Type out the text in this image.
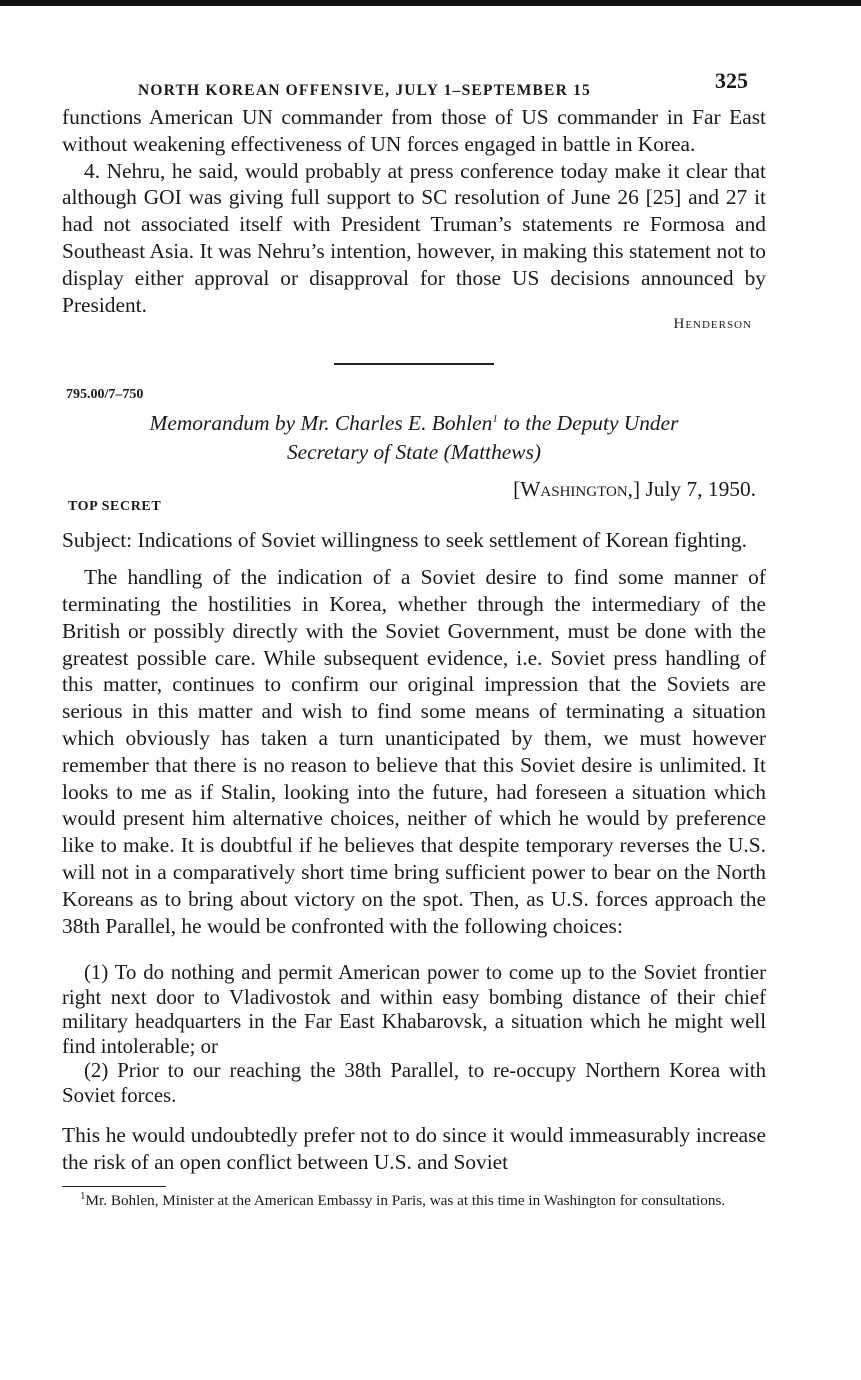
NORTH KOREAN OFFENSIVE, JULY 1–SEPTEMBER 15	325

functions American UN commander from those of US commander in Far East without weakening effectiveness of UN forces engaged in battle in Korea.

4. Nehru, he said, would probably at press conference today make it clear that although GOI was giving full support to SC resolution of June 26 [25] and 27 it had not associated itself with President Truman’s statements re Formosa and Southeast Asia. It was Nehru’s intention, however, in making this statement not to display either approval or disapproval for those US decisions announced by President.

Henderson
795.00/7–750
Memorandum by Mr. Charles E. Bohlen$^1$ to the Deputy Under
Secretary of State (Matthews)
TOP SECRET
[Washington,] July 7, 1950.

Subject: Indications of Soviet willingness to seek settlement of Korean fighting.

The handling of the indication of a Soviet desire to find some manner of terminating the hostilities in Korea, whether through the intermediary of the British or possibly directly with the Soviet Government, must be done with the greatest possible care. While subsequent evidence, i.e. Soviet press handling of this matter, continues to confirm our original impression that the Soviets are serious in this matter and wish to find some means of terminating a situation which obviously has taken a turn unanticipated by them, we must however remember that there is no reason to believe that this Soviet desire is unlimited. It looks to me as if Stalin, looking into the future, had foreseen a situation which would present him alternative choices, neither of which he would by preference like to make. It is doubtful if he believes that despite temporary reverses the U.S. will not in a comparatively short time bring sufficient power to bear on the North Koreans as to bring about victory on the spot. Then, as U.S. forces approach the 38th Parallel, he would be confronted with the following choices:

(1) To do nothing and permit American power to come up to the Soviet frontier right next door to Vladivostok and within easy bombing distance of their chief military headquarters in the Far East Khabarovsk, a situation which he might well find intolerable; or

(2) Prior to our reaching the 38th Parallel, to re-occupy Northern Korea with Soviet forces.

This he would undoubtedly prefer not to do since it would immeasurably increase the risk of an open conflict between U.S. and Soviet

$^1$Mr. Bohlen, Minister at the American Embassy in Paris, was at this time in Washington for consultations.
